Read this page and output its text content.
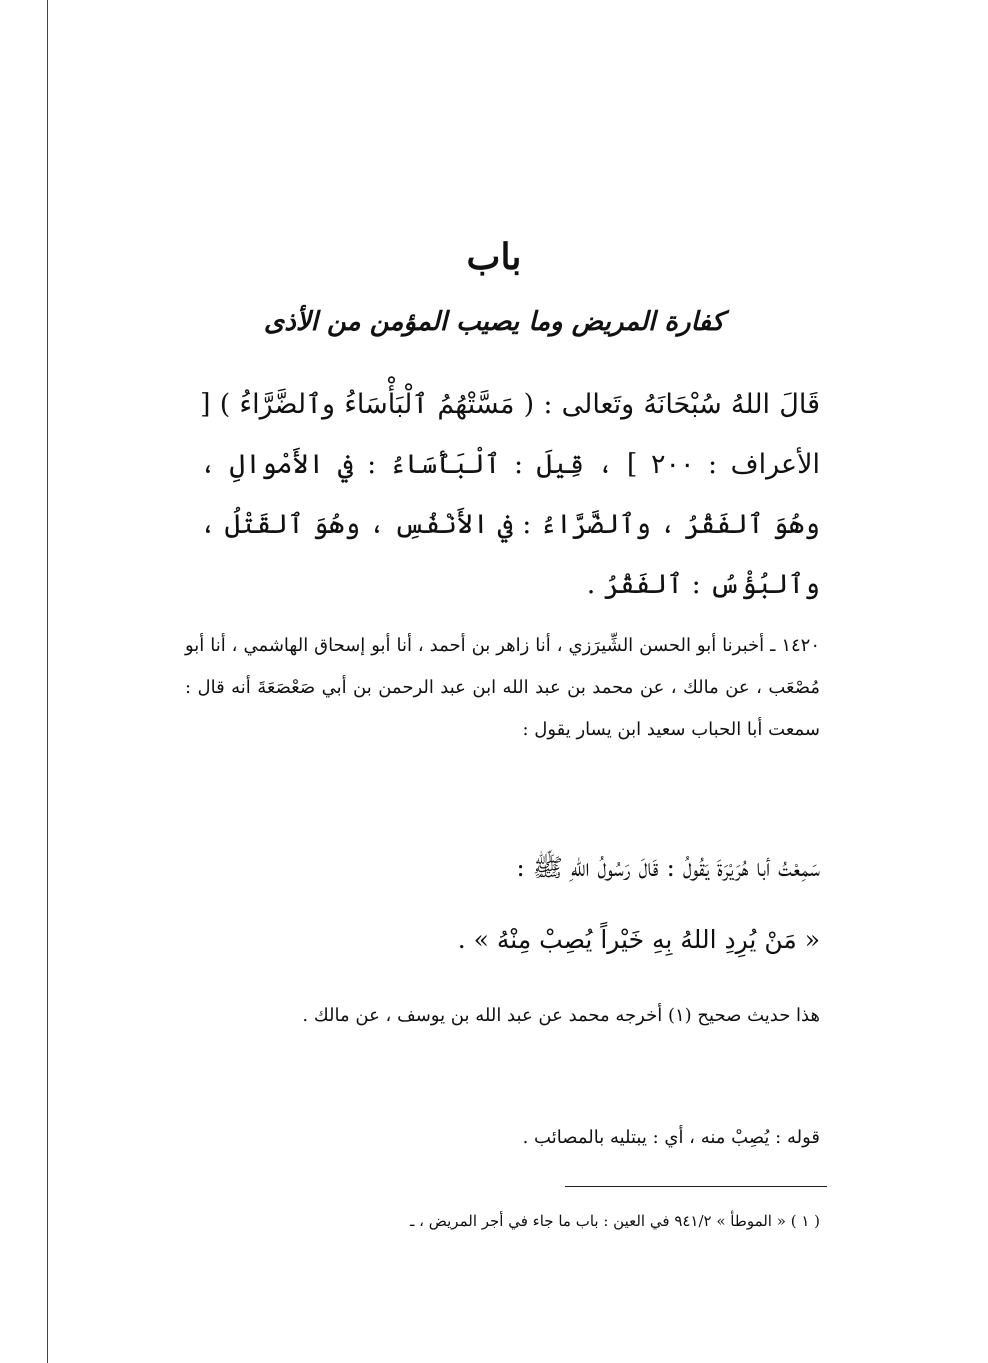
باب
كفارة المريض وما يصيب المؤمن من الأذى
قَالَ اللهُ سُبْحَانَهُ وتَعالى : ( مَسَّتْهُمُ ٱلْبَأْسَاءُ وٱلضَّرَّاءُ ) [ الأعراف : ٢٠٠ ] ، قِيلَ : ٱلْبَأْسَاءُ : في الأَمْوالِ ، وهُوَ ٱلفَقْرُ ، وٱلضَّرَّاءُ : في الأَنْفُسِ ، وهُوَ ٱلقَتْلُ ، وٱلبُؤْسُ : ٱلفَقْرُ .
١٤٢٠ ـ أخبرنا أبو الحسن الشِّيرَزي ، أنا زاهر بن أحمد ، أنا أبو إسحاق الهاشمي ، أنا أبو مُصْعَب ، عن مالك ، عن محمد بن عبد الله ابن عبد الرحمن بن أبي صَعْصَعَةَ أنه قال : سمعت أبا الحباب سعيد ابن يسار يقول :
سَمِعْتُ أبا هُرَيْرَةَ يَقُولُ : قَالَ رَسُولُ اللهِ ﷺ :
« مَنْ يُرِدِ اللهُ بِهِ خَيْراً يُصِبْ مِنْهُ » .
هذا حديث صحيح (١) أخرجه محمد عن عبد الله بن يوسف ، عن مالك .
قوله : يُصِبْ منه ، أي : يبتليه بالمصائب .
( ١ ) « الموطأ » ٩٤١/٢ في العين : باب ما جاء في أجر المريض ، ـ
